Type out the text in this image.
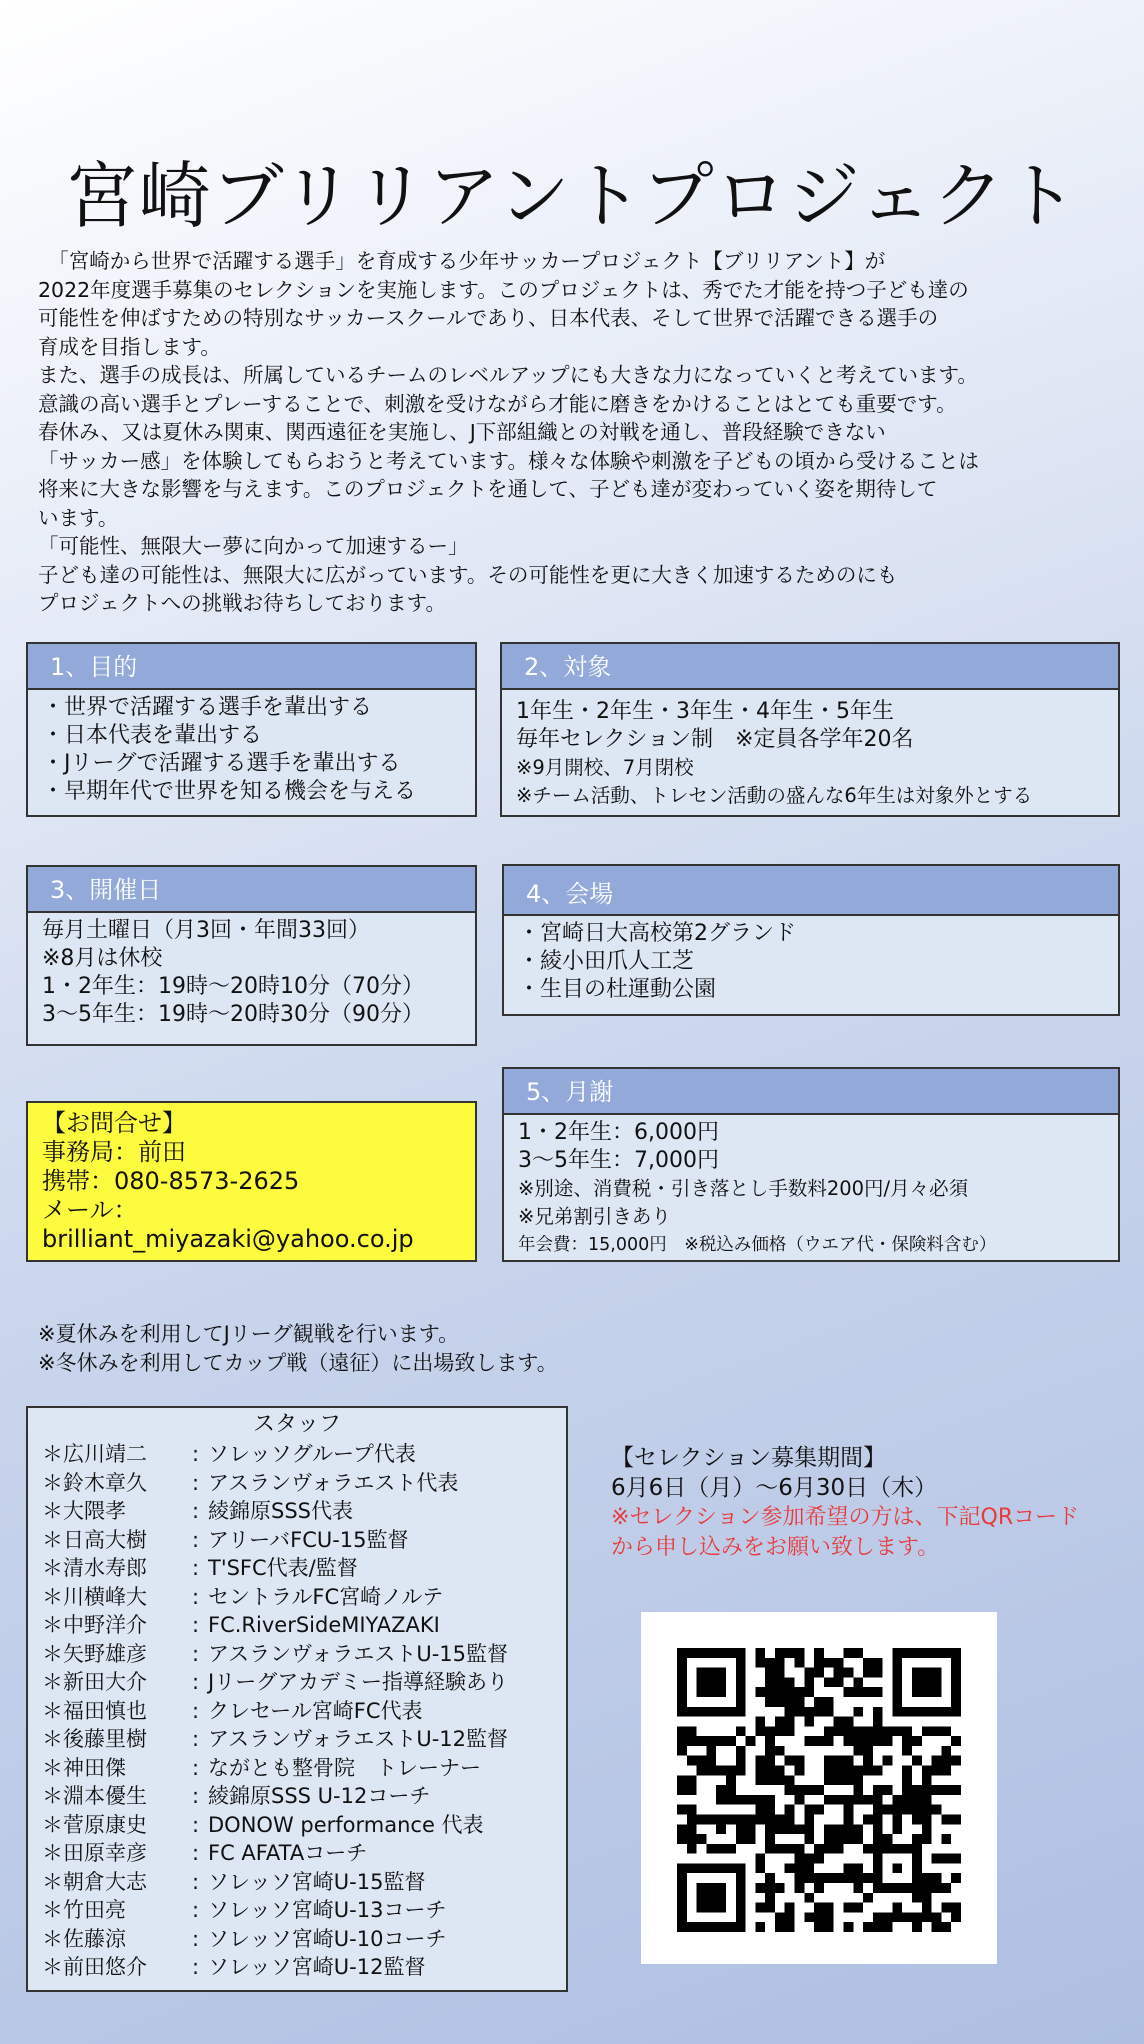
宮崎ブリリアントプロジェクト
　「宮崎から世界で活躍する選手」を育成する少年サッカープロジェクト【ブリリアント】が
2022年度選手募集のセレクションを実施します。このプロジェクトは、秀でた才能を持つ子ども達の
可能性を伸ばすための特別なサッカースクールであり、日本代表、そして世界で活躍できる選手の
育成を目指します。
また、選手の成長は、所属しているチームのレベルアップにも大きな力になっていくと考えています。
意識の高い選手とプレーすることで、刺激を受けながら才能に磨きをかけることはとても重要です。
春休み、又は夏休み関東、関西遠征を実施し、J下部組織との対戦を通し、普段経験できない
「サッカー感」を体験してもらおうと考えています。様々な体験や刺激を子どもの頃から受けることは
将来に大きな影響を与えます。このプロジェクトを通して、子ども達が変わっていく姿を期待して
います。
「可能性、無限大ー夢に向かって加速するー」
子ども達の可能性は、無限大に広がっています。その可能性を更に大きく加速するためのにも
プロジェクトへの挑戦お待ちしております。
1、目的
・世界で活躍する選手を輩出する
・日本代表を輩出する
・Jリーグで活躍する選手を輩出する
・早期年代で世界を知る機会を与える
2、対象
1年生・2年生・3年生・4年生・5年生
毎年セレクション制　※定員各学年20名
※9月開校、7月閉校
※チーム活動、トレセン活動の盛んな6年生は対象外とする
3、開催日
毎月土曜日（月3回・年間33回）
※8月は休校
1・2年生：19時～20時10分（70分）
3～5年生：19時～20時30分（90分）
4、会場
・宮崎日大高校第2グランド
・綾小田爪人工芝
・生目の杜運動公園
5、月謝
1・2年生：6,000円
3～5年生：7,000円
※別途、消費税・引き落とし手数料200円/月々必須
※兄弟割引きあり
年会費：15,000円　※税込み価格（ウエア代・保険料含む）
【お問合せ】
事務局：前田
携帯：080-8573-2625
メール：
brilliant_miyazaki@yahoo.co.jp
※夏休みを利用してJリーグ観戦を行います。
※冬休みを利用してカップ戦（遠征）に出場致します。
スタッフ
＊広川靖二	:	ソレッソグループ代表
＊鈴木章久	:	アスランヴォラエスト代表
＊大隈孝	:	綾錦原SSS代表
＊日高大樹	:	アリーバFCU-15監督
＊清水寿郎	:	T'SFC代表/監督
＊川横峰大	:	セントラルFC宮崎ノルテ
＊中野洋介	:	FC.RiverSideMIYAZAKI
＊矢野雄彦	:	アスランヴォラエストU-15監督
＊新田大介	:	Jリーグアカデミー指導経験あり
＊福田慎也	:	クレセール宮崎FC代表
＊後藤里樹	:	アスランヴォラエストU-12監督
＊神田傑	:	ながとも整骨院　トレーナー
＊淵本優生	:	綾錦原SSS U-12コーチ
＊菅原康史	:	DONOW performance 代表
＊田原幸彦	:	FC AFATAコーチ
＊朝倉大志	:	ソレッソ宮崎U-15監督
＊竹田亮	:	ソレッソ宮崎U-13コーチ
＊佐藤涼	:	ソレッソ宮崎U-10コーチ
＊前田悠介	:	ソレッソ宮崎U-12監督
【セレクション募集期間】
6月6日（月）～6月30日（木）
※セレクション参加希望の方は、下記QRコード
から申し込みをお願い致します。
